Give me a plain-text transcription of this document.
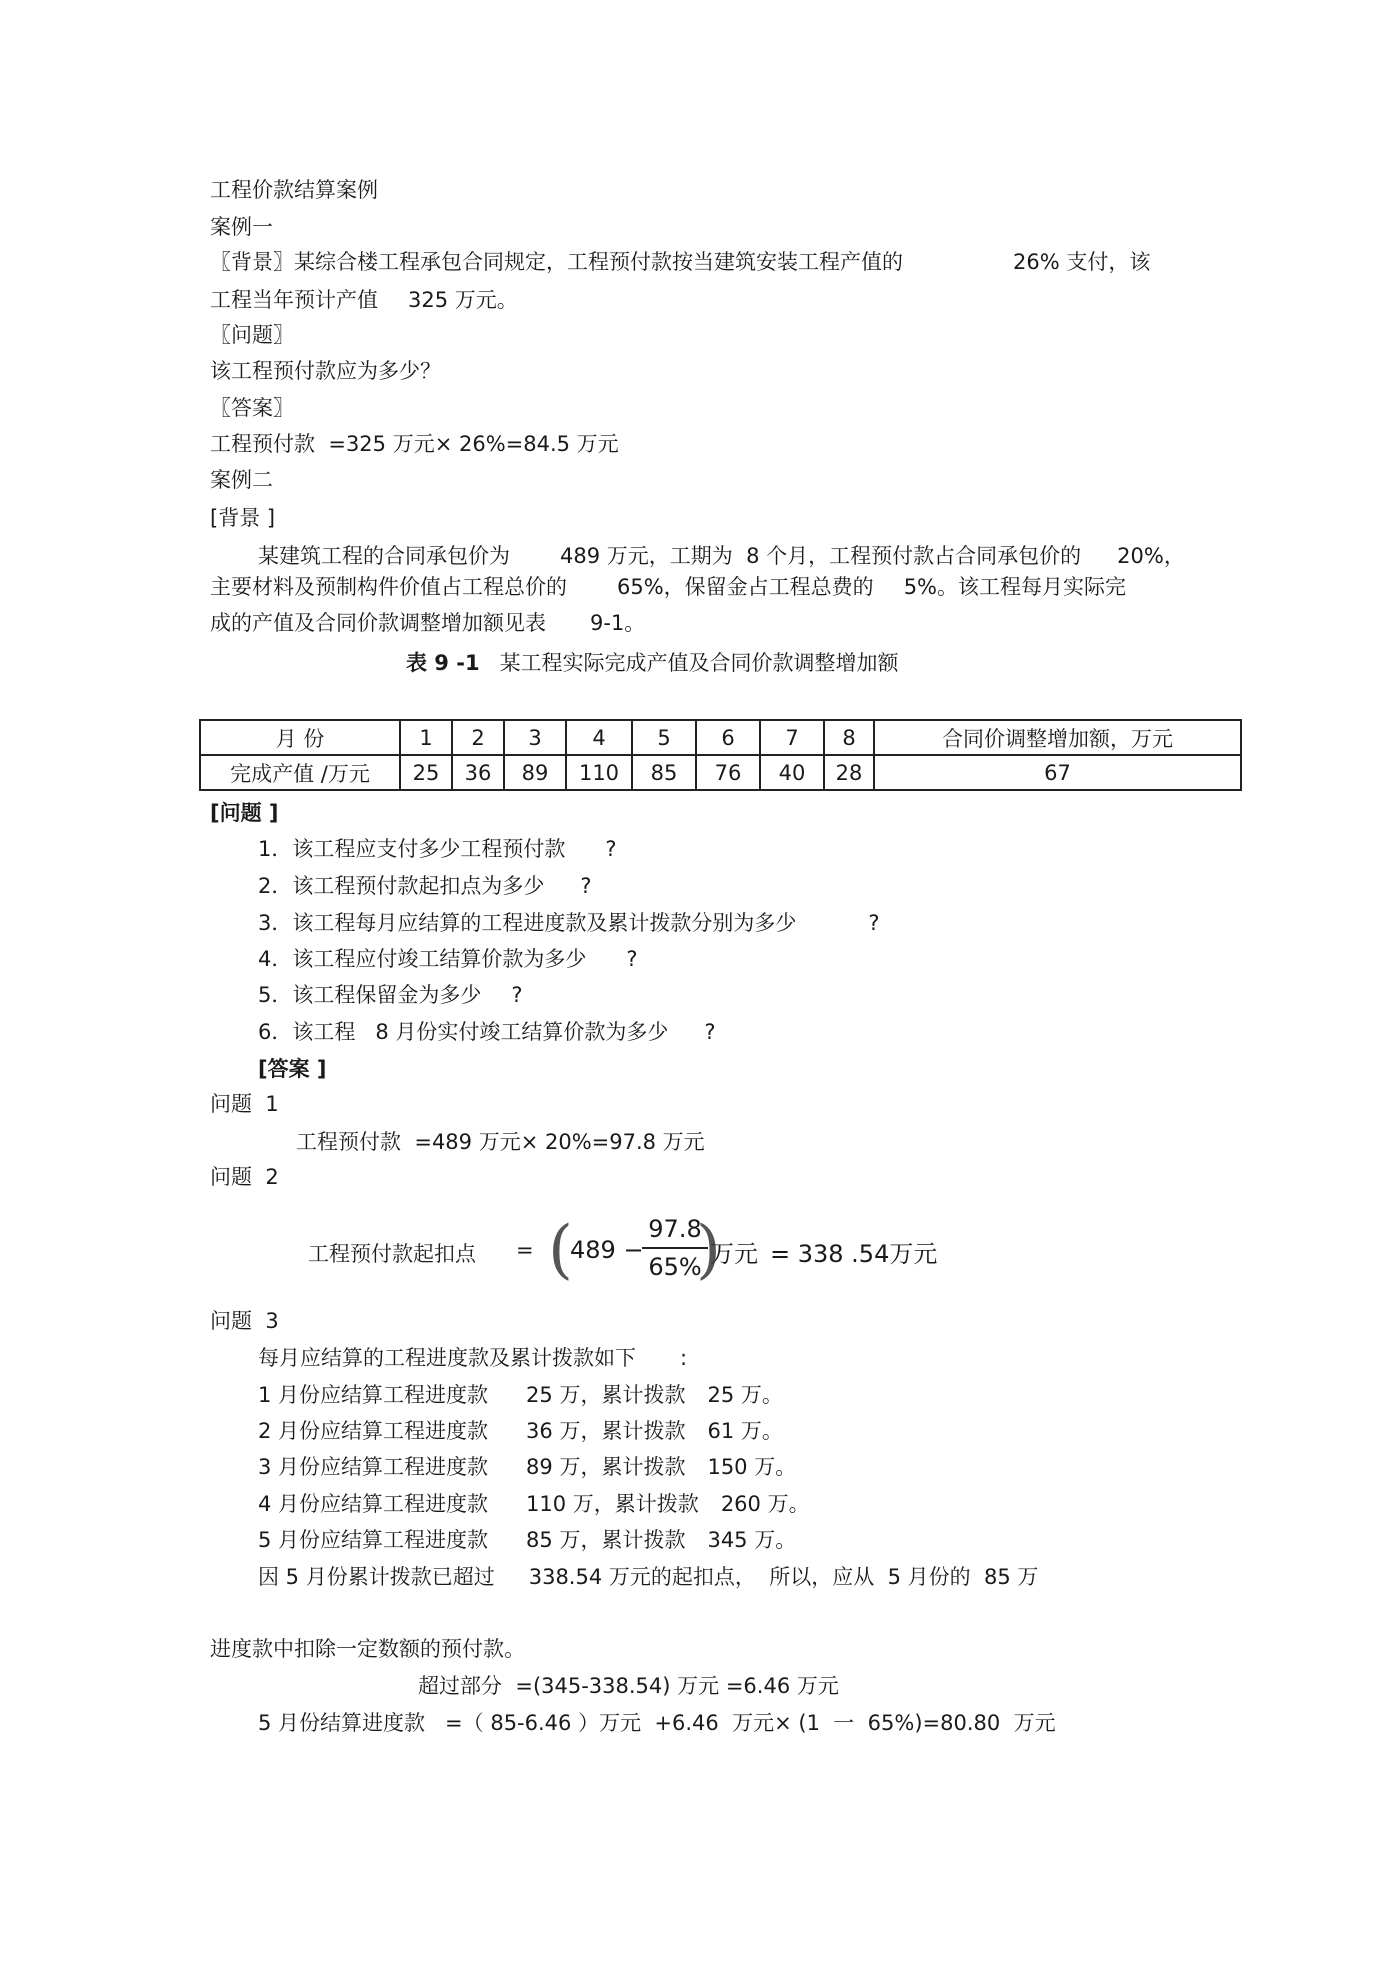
工程价款结算案例
案例一
〖背景〗某综合楼工程承包合同规定，工程预付款按当建筑安装工程产值的	26% 支付，该
工程当年预计产值 325 万元。
〖问题〗
该工程预付款应为多少？
〖答案〗
工程预付款  =325 万元× 26%=84.5 万元
案例二
[背景 ]
某建筑工程的合同承包价为 489 万元，工期为  8 个月，工程预付款占合同承包价的 20%，
主要材料及预制构件价值占工程总价的 65%，保留金占工程总费的 5%。该工程每月实际完
成的产值及合同价款调整增加额见表 9-1。
表 9 -1 某工程实际完成产值及合同价款调整增加额
月 份	1	2	3	4	5	6	7	8	合同价调整增加额，万元
完成产值 /万元	25	36	89	110	85	76	40	28	67
[问题 ]
1．该工程应支付多少工程预付款 ?
2．该工程预付款起扣点为多少 ?
3．该工程每月应结算的工程进度款及累计拨款分别为多少	?
4．该工程应付竣工结算价款为多少 ?
5．该工程保留金为多少 ?
6．该工程   8 月份实付竣工结算价款为多少 ?
[答案 ]
问题  1
工程预付款  =489 万元× 20%=97.8 万元
问题  2
工程预付款起扣点 = (
489 −
97.8
65%
)
万元 = 338 .54万元
问题  3
每月应结算的工程进度款及累计拨款如下 :
1 月份应结算工程进度款 25 万，累计拨款 25 万。
2 月份应结算工程进度款 36 万，累计拨款 61 万。
3 月份应结算工程进度款 89 万，累计拨款 150 万。
4 月份应结算工程进度款 110 万，累计拨款 260 万。
5 月份应结算工程进度款 85 万，累计拨款 345 万。
因 5 月份累计拨款已超过 338.54 万元的起扣点，  所以，应从  5 月份的  85 万
进度款中扣除一定数额的预付款。
超过部分  =(345-338.54) 万元 =6.46 万元
5 月份结算进度款   =（ 85-6.46 ）万元  +6.46  万元× (1  一  65%)=80.80  万元
